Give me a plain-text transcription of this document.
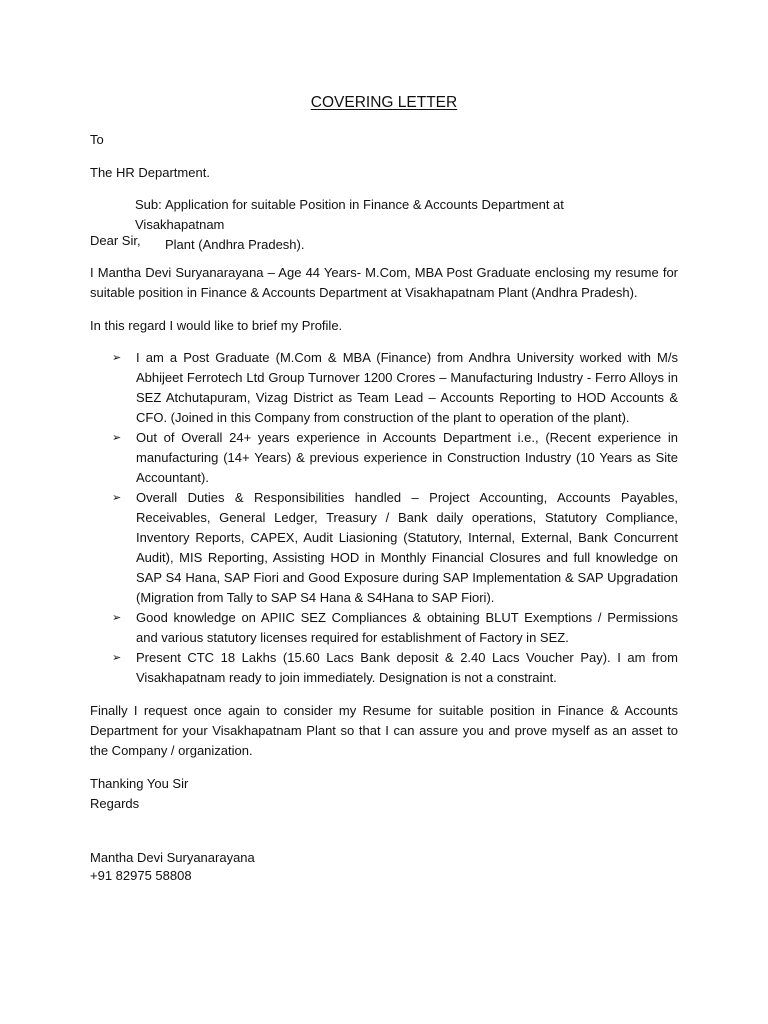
COVERING LETTER
To
The HR Department.
Sub: Application for suitable Position in Finance & Accounts Department at Visakhapatnam
Plant (Andhra Pradesh).
Dear Sir,
I Mantha Devi Suryanarayana – Age 44 Years- M.Com, MBA Post Graduate enclosing my resume for suitable position in Finance & Accounts Department at Visakhapatnam Plant (Andhra Pradesh).
In this regard I would like to brief my Profile.
➢ I am a Post Graduate (M.Com & MBA (Finance) from Andhra University worked with M/s Abhijeet Ferrotech Ltd Group Turnover 1200 Crores – Manufacturing Industry - Ferro Alloys in SEZ Atchutapuram, Vizag District as Team Lead – Accounts Reporting to HOD Accounts & CFO. (Joined in this Company from construction of the plant to operation of the plant).
➢ Out of Overall 24+ years experience in Accounts Department i.e., (Recent experience in manufacturing (14+ Years) & previous experience in Construction Industry (10 Years as Site Accountant).
➢ Overall Duties & Responsibilities handled – Project Accounting, Accounts Payables, Receivables, General Ledger, Treasury / Bank daily operations, Statutory Compliance, Inventory Reports, CAPEX, Audit Liasioning (Statutory, Internal, External, Bank Concurrent Audit), MIS Reporting, Assisting HOD in Monthly Financial Closures and full knowledge on SAP S4 Hana, SAP Fiori and Good Exposure during SAP Implementation & SAP Upgradation (Migration from Tally to SAP S4 Hana & S4Hana to SAP Fiori).
➢ Good knowledge on APIIC SEZ Compliances & obtaining BLUT Exemptions / Permissions and various statutory licenses required for establishment of Factory in SEZ.
➢ Present CTC 18 Lakhs (15.60 Lacs Bank deposit & 2.40 Lacs Voucher Pay). I am from Visakhapatnam ready to join immediately. Designation is not a constraint.
Finally I request once again to consider my Resume for suitable position in Finance & Accounts Department for your Visakhapatnam Plant so that I can assure you and prove myself as an asset to the Company / organization.
Thanking You Sir
Regards
Mantha Devi Suryanarayana
+91 82975 58808
